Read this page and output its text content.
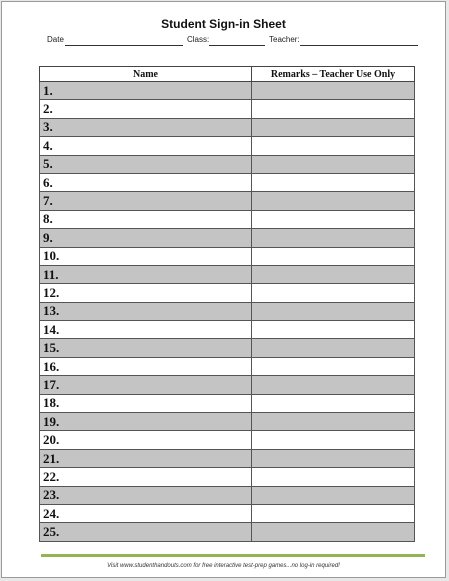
Student Sign-in Sheet
Date	Class:	Teacher:
Name	Remarks – Teacher Use Only
1.	
2.	
3.	
4.	
5.	
6.	
7.	
8.	
9.	
10.	
11.	
12.	
13.	
14.	
15.	
16.	
17.	
18.	
19.	
20.	
21.	
22.	
23.	
24.	
25.	
Visit www.studenthandouts.com for free interactive test-prep games...no log-in required!
